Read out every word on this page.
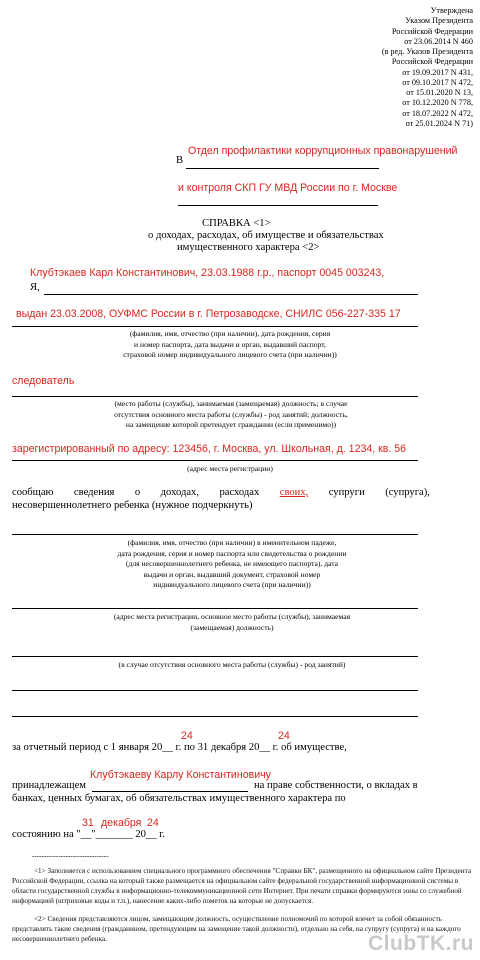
Утверждена
Указом Президента
Российской Федерации
от 23.06.2014 N 460
(в ред. Указов Президента
Российской Федерации
от 19.09.2017 N 431,
от 09.10.2017 N 472,
от 15.01.2020 N 13,
от 10.12.2020 N 778,
от 18.07.2022 N 472,
от 25.01.2024 N 71)
Отдел профилактики коррупционных правонарушений
В
и контроля СКП ГУ МВД России по г. Москве
СПРАВКА <1>
о доходах, расходах, об имуществе и обязательствах
имущественного характера <2>
Клубтэкаев Карл Константинович, 23.03.1988 г.р., паспорт 0045 003243,
Я,
выдан 23.03.2008, ОУФМС России в г. Петрозаводске, СНИЛС 056-227-335 17
(фамилия, имя, отчество (при наличии), дата рождения, серия
и номер паспорта, дата выдачи и орган, выдавший паспорт,
страховой номер индивидуального лицевого счета (при наличии))
следователь
(место работы (службы), занимаемая (замещаемая) должность; в случае
отсутствия основного места работы (службы) - род занятий; должность,
на замещение которой претендует гражданин (если применимо))
зарегистрированный по адресу: 123456, г. Москва, ул. Школьная, д. 1234, кв. 56
(адрес места регистрации)
сообщаю сведения о доходах, расходах своих, супруги (супруга),
несовершеннолетнего ребенка (нужное подчеркнуть)
(фамилия, имя, отчество (при наличии) в именительном падеже,
дата рождения, серия и номер паспорта или свидетельства о рождении
(для несовершеннолетнего ребенка, не имеющего паспорта), дата
выдачи и орган, выдавший документ, страховой номер
индивидуального лицевого счета (при наличии))
(адрес места регистрации, основное место работы (службы), занимаемая
(замещаемая) должность)
(в случае отсутствия основного места работы (службы) - род занятий)
24	24
за отчетный период с 1 января 20__ г. по 31 декабря 20__ г. об имуществе,
Клубтэкаеву Карлу Константиновичу
принадлежащем	на праве собственности, о вкладах в
банках, ценных бумагах, об обязательствах имущественного характера по
31 декабря 24
состоянию на "__"_______ 20__ г.
--------------------------------
<1> Заполняется с использованием специального программного обеспечения "Справки БК", размещенного на официальном сайте Президента Российской Федерации, ссылка на который также размещается на официальном сайте федеральной государственной информационной системы в области государственной службы в информационно-телекоммуникационной сети Интернет. При печати справки формируются зоны со служебной информацией (штриховые коды и т.п.), нанесение каких-либо пометок на которые не допускается.
<2> Сведения представляются лицом, замещающим должность, осуществление полномочий по которой влечет за собой обязанность представлять такие сведения (гражданином, претендующим на замещение такой должности), отдельно на себя, на супругу (супруга) и на каждого несовершеннолетнего ребенка.	ClubTK.ru
